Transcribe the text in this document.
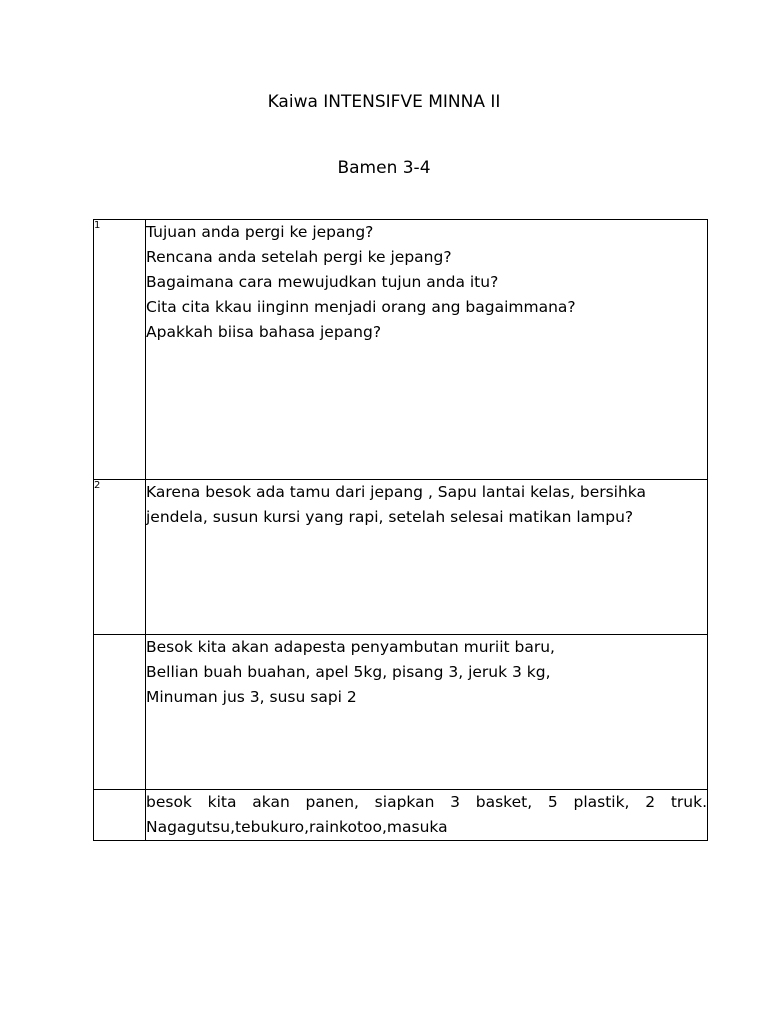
Kaiwa INTENSIFVE MINNA II
Bamen 3-4
1	Tujuan anda pergi ke jepang?
Rencana anda setelah pergi ke jepang?
Bagaimana cara mewujudkan tujun anda itu?
Cita cita kkau iinginn menjadi orang ang bagaimmana?
Apakkah biisa bahasa jepang?

2	Karena besok ada tamu dari jepang , Sapu lantai kelas, bersihka
jendela, susun kursi yang rapi, setelah selesai matikan lampu?

	Besok kita akan adapesta penyambutan muriit baru,
Bellian buah buahan, apel 5kg, pisang 3, jeruk 3 kg,
Minuman jus 3, susu sapi 2

	besok kita akan panen, siapkan 3 basket, 5 plastik, 2 truk.
Nagagutsu,tebukuro,rainkotoo,masuka
